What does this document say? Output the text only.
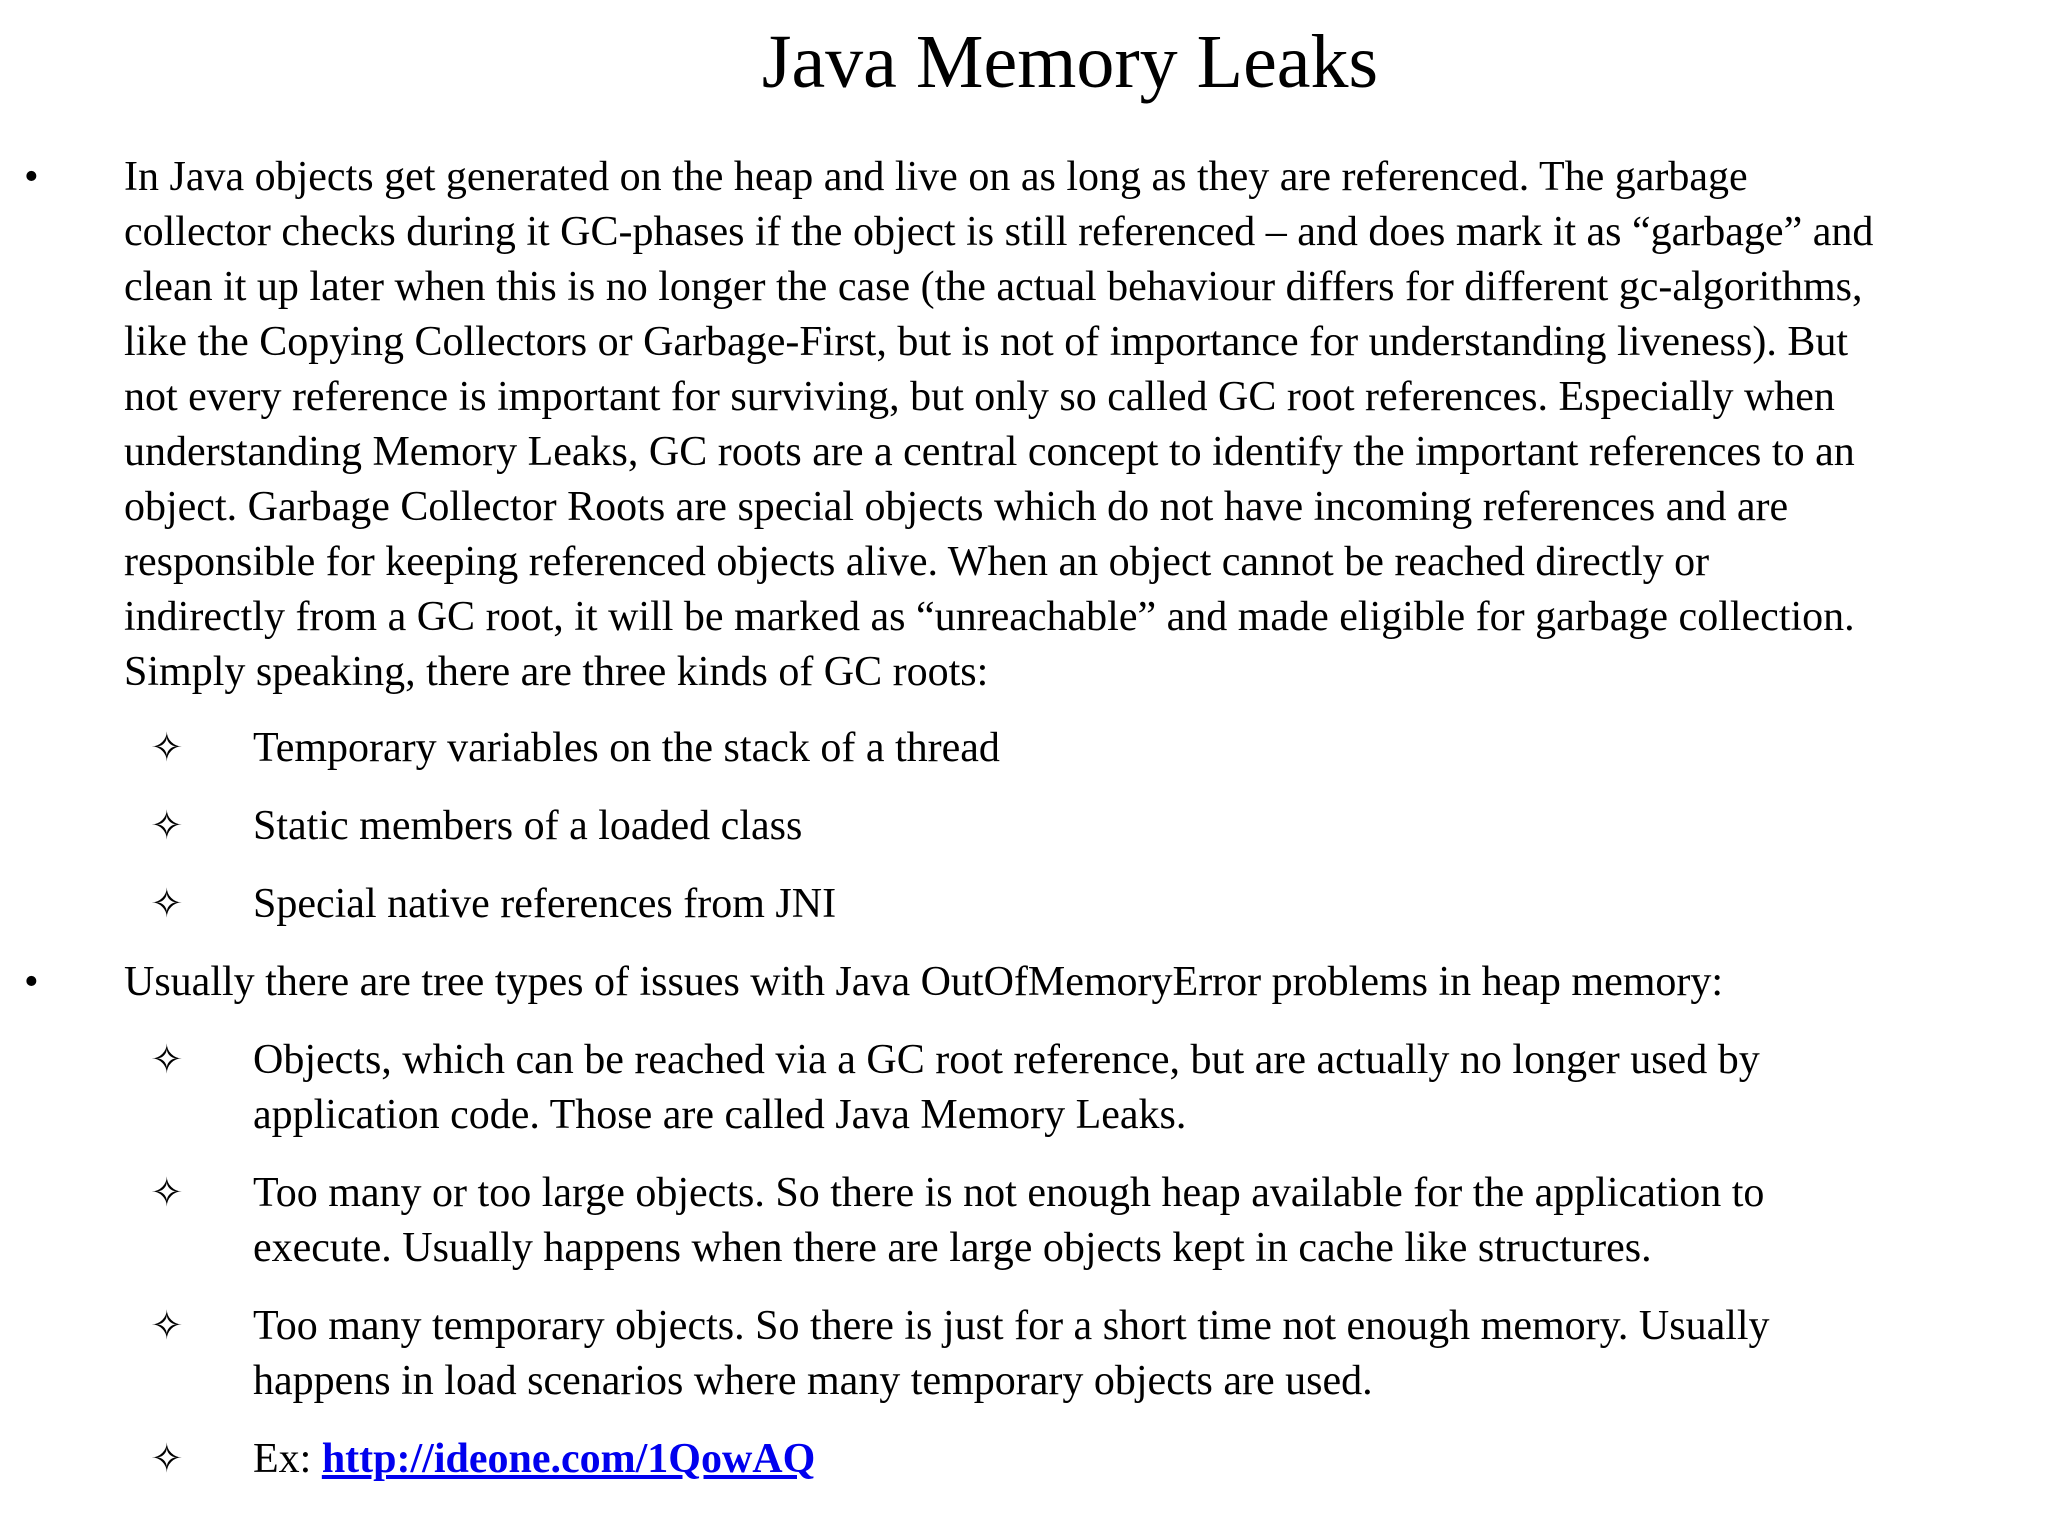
Java Memory Leaks
• In Java objects get generated on the heap and live on as long as they are referenced. The garbage
collector checks during it GC-phases if the object is still referenced – and does mark it as “garbage” and
clean it up later when this is no longer the case (the actual behaviour differs for different gc-algorithms,
like the Copying Collectors or Garbage-First, but is not of importance for understanding liveness). But
not every reference is important for surviving, but only so called GC root references. Especially when
understanding Memory Leaks, GC roots are a central concept to identify the important references to an
object. Garbage Collector Roots are special objects which do not have incoming references and are
responsible for keeping referenced objects alive. When an object cannot be reached directly or
indirectly from a GC root, it will be marked as “unreachable” and made eligible for garbage collection.
Simply speaking, there are three kinds of GC roots:
✧ Temporary variables on the stack of a thread
✧ Static members of a loaded class
✧ Special native references from JNI
• Usually there are tree types of issues with Java OutOfMemoryError problems in heap memory:
✧ Objects, which can be reached via a GC root reference, but are actually no longer used by
application code. Those are called Java Memory Leaks.
✧ Too many or too large objects. So there is not enough heap available for the application to
execute. Usually happens when there are large objects kept in cache like structures.
✧ Too many temporary objects. So there is just for a short time not enough memory. Usually
happens in load scenarios where many temporary objects are used.
✧ Ex: http://ideone.com/1QowAQ
